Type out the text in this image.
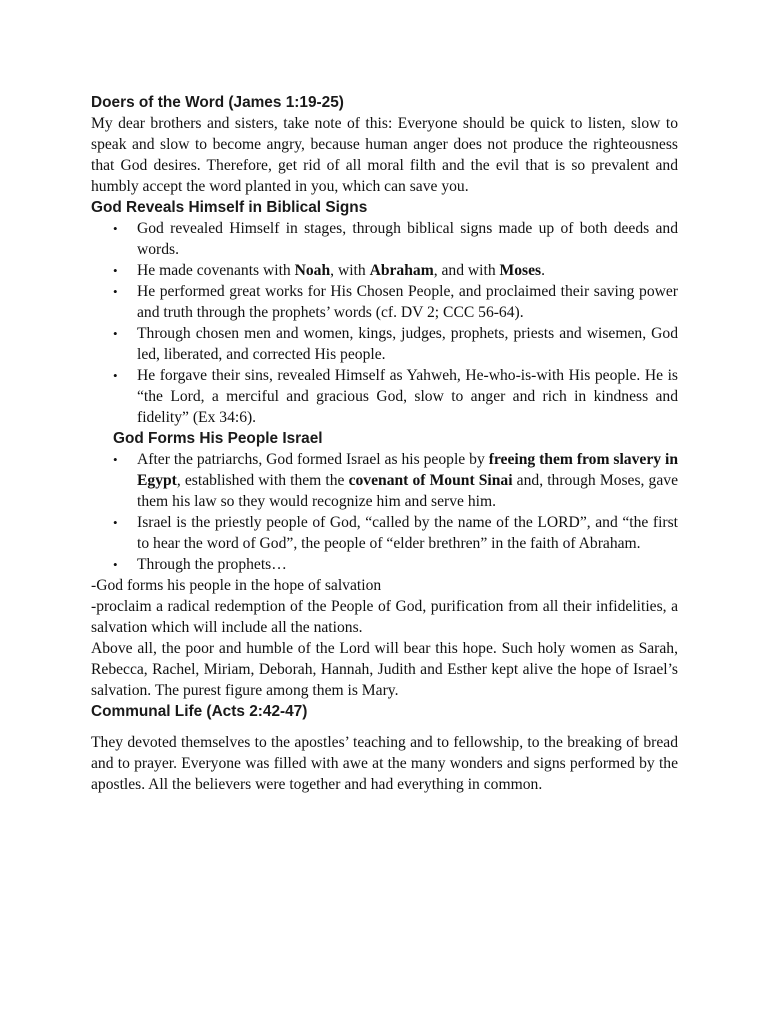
Doers of the Word (James 1:19-25)

My dear brothers and sisters, take note of this: Everyone should be quick to listen, slow to speak and slow to become angry, because human anger does not produce the righteousness that God desires. Therefore, get rid of all moral filth and the evil that is so prevalent and humbly accept the word planted in you, which can save you.

God Reveals Himself in Biblical Signs
• God revealed Himself in stages, through biblical signs made up of both deeds and words.
• He made covenants with Noah, with Abraham, and with Moses.
• He performed great works for His Chosen People, and proclaimed their saving power and truth through the prophets’ words (cf. DV 2; CCC 56-64).
• Through chosen men and women, kings, judges, prophets, priests and wisemen, God led, liberated, and corrected His people.
• He forgave their sins, revealed Himself as Yahweh, He-who-is-with His people. He is “the Lord, a merciful and gracious God, slow to anger and rich in kindness and fidelity” (Ex 34:6).
God Forms His People Israel
• After the patriarchs, God formed Israel as his people by freeing them from slavery in Egypt, established with them the covenant of Mount Sinai and, through Moses, gave them his law so they would recognize him and serve him.
• Israel is the priestly people of God, “called by the name of the LORD”, and “the first to hear the word of God”, the people of “elder brethren” in the faith of Abraham.
• Through the prophets…

-God forms his people in the hope of salvation

-proclaim a radical redemption of the People of God, purification from all their infidelities, a salvation which will include all the nations.

Above all, the poor and humble of the Lord will bear this hope. Such holy women as Sarah, Rebecca, Rachel, Miriam, Deborah, Hannah, Judith and Esther kept alive the hope of Israel’s salvation. The purest figure among them is Mary.

Communal Life (Acts 2:42-47)

They devoted themselves to the apostles’ teaching and to fellowship, to the breaking of bread and to prayer. Everyone was filled with awe at the many wonders and signs performed by the apostles. All the believers were together and had everything in common.
